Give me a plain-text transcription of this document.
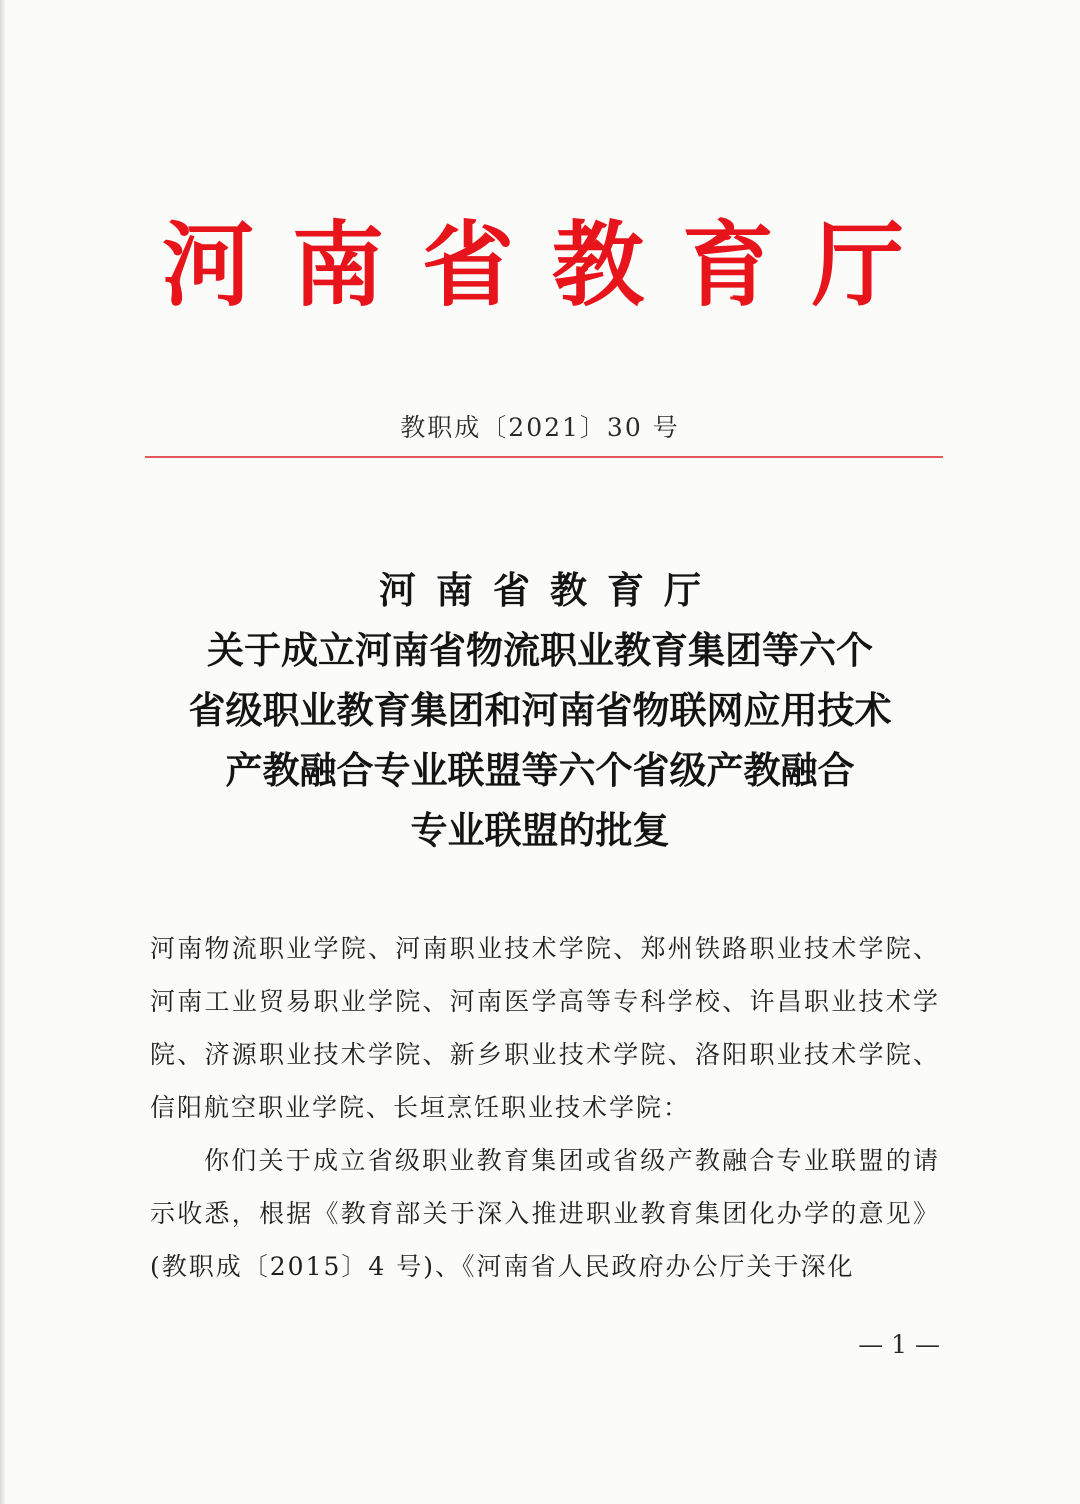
河南省教育厅
教职成〔2021〕30 号
河南省教育厅
关于成立河南省物流职业教育集团等六个
省级职业教育集团和河南省物联网应用技术
产教融合专业联盟等六个省级产教融合
专业联盟的批复

河南物流职业学院、河南职业技术学院、郑州铁路职业技术学院、河南工业贸易职业学院、河南医学高等专科学校、许昌职业技术学院、济源职业技术学院、新乡职业技术学院、洛阳职业技术学院、信阳航空职业学院、长垣烹饪职业技术学院：

你们关于成立省级职业教育集团或省级产教融合专业联盟的请示收悉，根据《教育部关于深入推进职业教育集团化办学的意见》(教职成〔2015〕4 号)、《河南省人民政府办公厅关于深化

— 1 —
